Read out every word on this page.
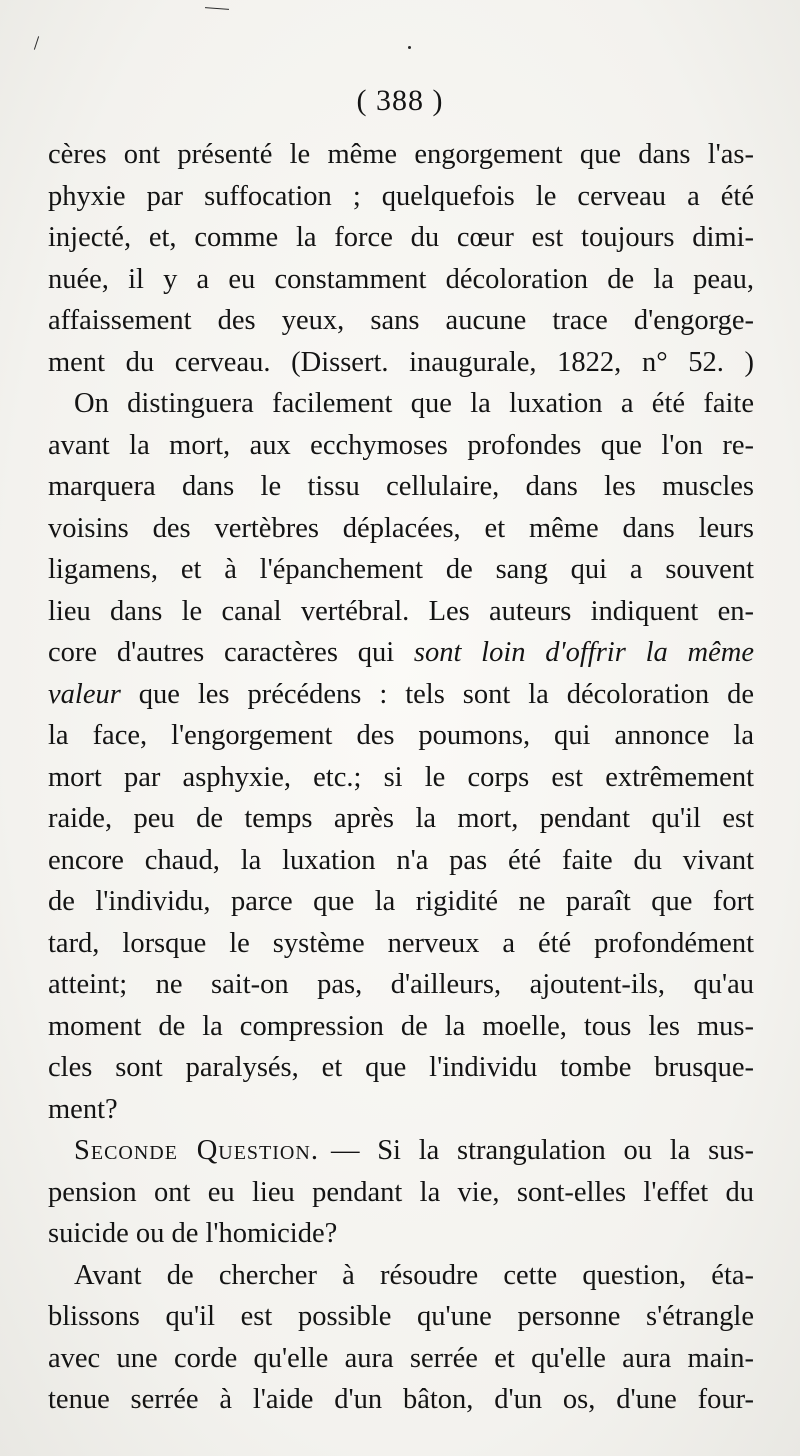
( 388 )
cères ont présenté le même engorgement que dans l'as-
phyxie par suffocation ; quelquefois le cerveau a été
injecté, et, comme la force du cœur est toujours dimi-
nuée, il y a eu constamment décoloration de la peau,
affaissement des yeux, sans aucune trace d'engorge-
ment du cerveau. (Dissert. inaugurale, 1822, n° 52. )
On distinguera facilement que la luxation a été faite
avant la mort, aux ecchymoses profondes que l'on re-
marquera dans le tissu cellulaire, dans les muscles
voisins des vertèbres déplacées, et même dans leurs
ligamens, et à l'épanchement de sang qui a souvent
lieu dans le canal vertébral. Les auteurs indiquent en-
core d'autres caractères qui sont loin d'offrir la même
valeur que les précédens : tels sont la décoloration de
la face, l'engorgement des poumons, qui annonce la
mort par asphyxie, etc.; si le corps est extrêmement
raide, peu de temps après la mort, pendant qu'il est
encore chaud, la luxation n'a pas été faite du vivant
de l'individu, parce que la rigidité ne paraît que fort
tard, lorsque le système nerveux a été profondément
atteint; ne sait-on pas, d'ailleurs, ajoutent-ils, qu'au
moment de la compression de la moelle, tous les mus-
cles sont paralysés, et que l'individu tombe brusque-
ment?
Seconde Question. — Si la strangulation ou la sus-
pension ont eu lieu pendant la vie, sont-elles l'effet du
suicide ou de l'homicide?
Avant de chercher à résoudre cette question, éta-
blissons qu'il est possible qu'une personne s'étrangle
avec une corde qu'elle aura serrée et qu'elle aura main-
tenue serrée à l'aide d'un bâton, d'un os, d'une four-
